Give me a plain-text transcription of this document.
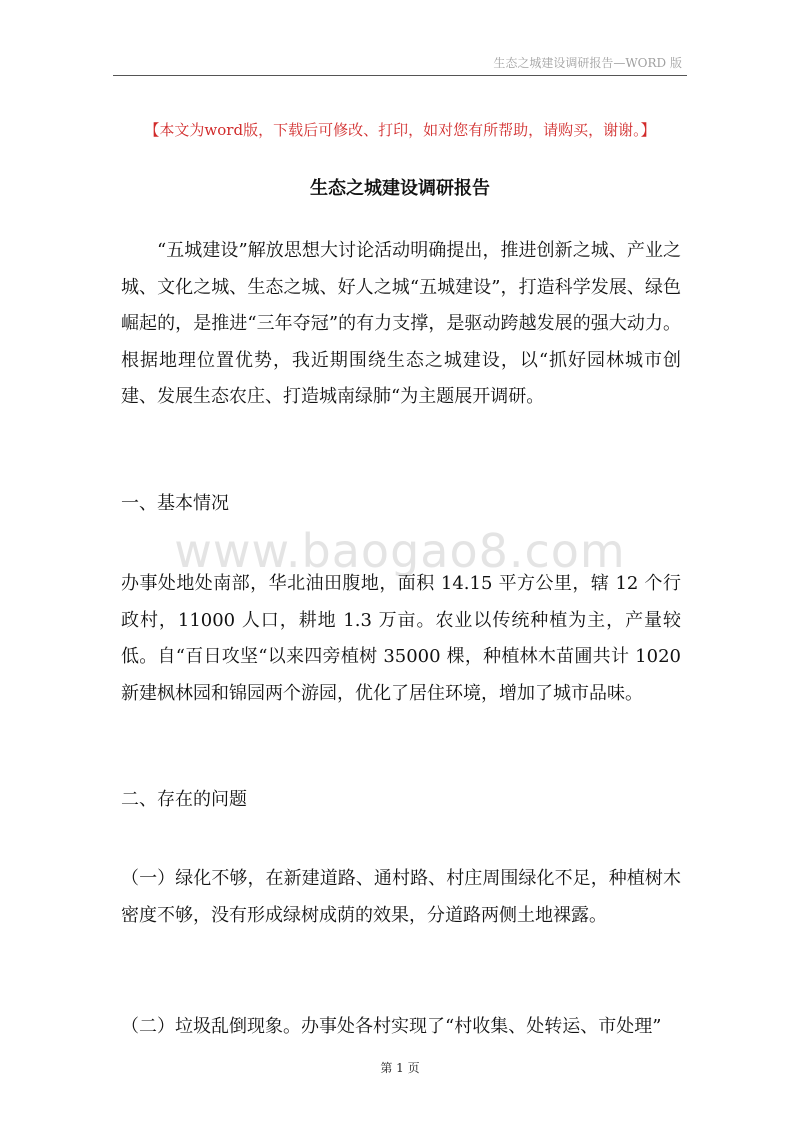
生态之城建设调研报告—WORD 版
【本文为word版，下载后可修改、打印，如对您有所帮助，请购买，谢谢。】
生态之城建设调研报告

“五城建设”解放思想大讨论活动明确提出，推进创新之城、产业之城、文化之城、生态之城、好人之城“五城建设”，打造科学发展、绿色崛起的，是推进“三年夺冠”的有力支撑，是驱动跨越发展的强大动力。根据地理位置优势，我近期围绕生态之城建设，以“抓好园林城市创建、发展生态农庄、打造城南绿肺“为主题展开调研。

一、基本情况
www.baogao8.com

办事处地处南部，华北油田腹地，面积 14.15 平方公里，辖 12 个行政村，11000 人口，耕地 1.3 万亩。农业以传统种植为主，产量较低。自“百日攻坚“以来四旁植树 35000 棵，种植林木苗圃共计 1020 新建枫林园和锦园两个游园，优化了居住环境，增加了城市品味。

二、存在的问题

（一）绿化不够，在新建道路、通村路、村庄周围绿化不足，种植树木密度不够，没有形成绿树成荫的效果，分道路两侧土地裸露。

（二）垃圾乱倒现象。办事处各村实现了“村收集、处转运、市处理”

第 1 页
